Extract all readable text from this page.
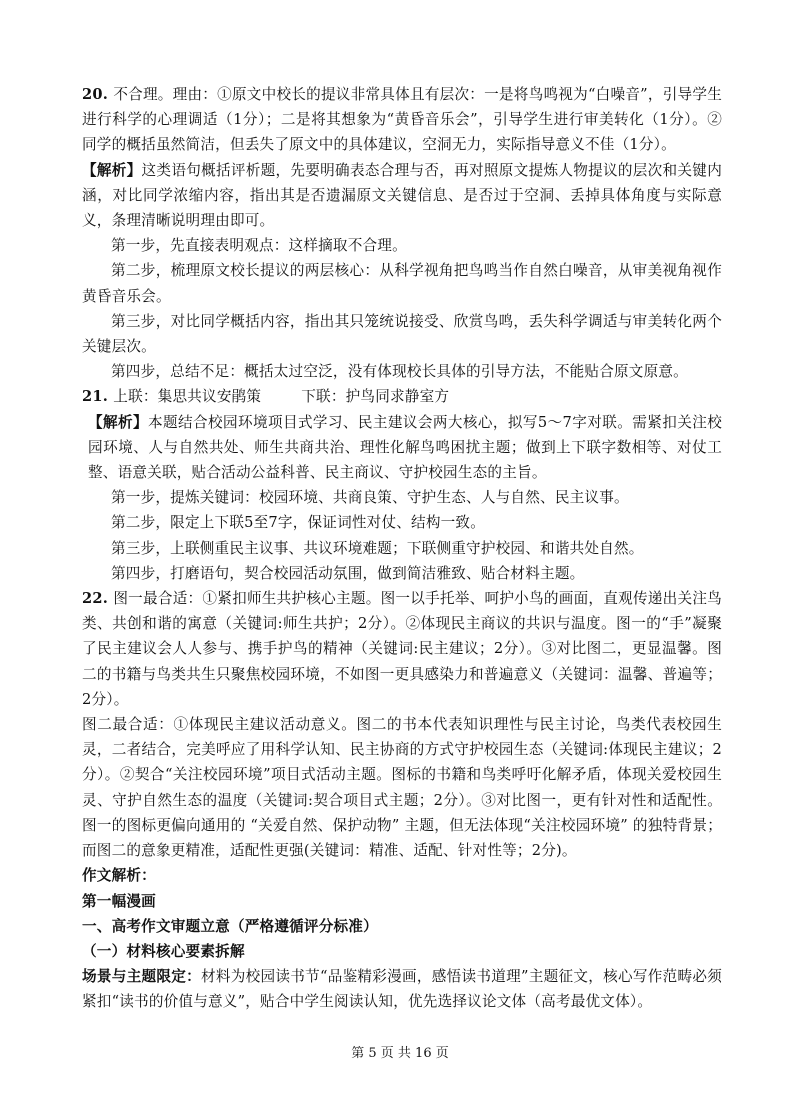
20. 不合理。理由：①原文中校长的提议非常具体且有层次：一是将鸟鸣视为“白噪音”，引导学生进行科学的心理调适（1分）；二是将其想象为“黄昏音乐会”，引导学生进行审美转化（1分）。②同学的概括虽然简洁，但丢失了原文中的具体建议，空洞无力，实际指导意义不佳（1分）。

【解析】这类语句概括评析题，先要明确表态合理与否，再对照原文提炼人物提议的层次和关键内涵，对比同学浓缩内容，指出其是否遗漏原文关键信息、是否过于空洞、丢掉具体角度与实际意义，条理清晰说明理由即可。

第一步，先直接表明观点：这样摘取不合理。

第二步，梳理原文校长提议的两层核心：从科学视角把鸟鸣当作自然白噪音，从审美视角视作黄昏音乐会。

第三步，对比同学概括内容，指出其只笼统说接受、欣赏鸟鸣，丢失科学调适与审美转化两个关键层次。

第四步，总结不足：概括太过空泛，没有体现校长具体的引导方法，不能贴合原文原意。

21. 上联：集思共议安鹃策	下联：护鸟同求静室方

【解析】本题结合校园环境项目式学习、民主建议会两大核心，拟写5～7字对联。需紧扣关注校园环境、人与自然共处、师生共商共治、理性化解鸟鸣困扰主题；做到上下联字数相等、对仗工整、语意关联，贴合活动公益科普、民主商议、守护校园生态的主旨。

第一步，提炼关键词：校园环境、共商良策、守护生态、人与自然、民主议事。

第二步，限定上下联5至7字，保证词性对仗、结构一致。

第三步，上联侧重民主议事、共议环境难题；下联侧重守护校园、和谐共处自然。

第四步，打磨语句，契合校园活动氛围，做到简洁雅致、贴合材料主题。

22. 图一最合适：①紧扣师生共护核心主题。图一以手托举、呵护小鸟的画面，直观传递出关注鸟类、共创和谐的寓意（关键词:师生共护；2分）。②体现民主商议的共识与温度。图一的“手”凝聚了民主建议会人人参与、携手护鸟的精神（关键词:民主建议；2分）。③对比图二，更显温馨。图二的书籍与鸟类共生只聚焦校园环境，不如图一更具感染力和普遍意义（关键词：温馨、普遍等；2分）。

图二最合适：①体现民主建议活动意义。图二的书本代表知识理性与民主讨论，鸟类代表校园生灵，二者结合，完美呼应了用科学认知、民主协商的方式守护校园生态（关键词:体现民主建议；2分）。②契合“关注校园环境”项目式活动主题。图标的书籍和鸟类呼吁化解矛盾，体现关爱校园生灵、守护自然生态的温度（关键词:契合项目式主题；2分）。③对比图一，更有针对性和适配性。图一的图标更偏向通用的 “关爱自然、保护动物” 主题，但无法体现“关注校园环境” 的独特背景；而图二的意象更精准，适配性更强(关键词：精准、适配、针对性等；2分)。

作文解析：

第一幅漫画

一、高考作文审题立意（严格遵循评分标准）

（一）材料核心要素拆解

场景与主题限定：材料为校园读书节“品鉴精彩漫画，感悟读书道理”主题征文，核心写作范畴必须紧扣“读书的价值与意义”，贴合中学生阅读认知，优先选择议论文体（高考最优文体）。

第 5 页 共 16 页
